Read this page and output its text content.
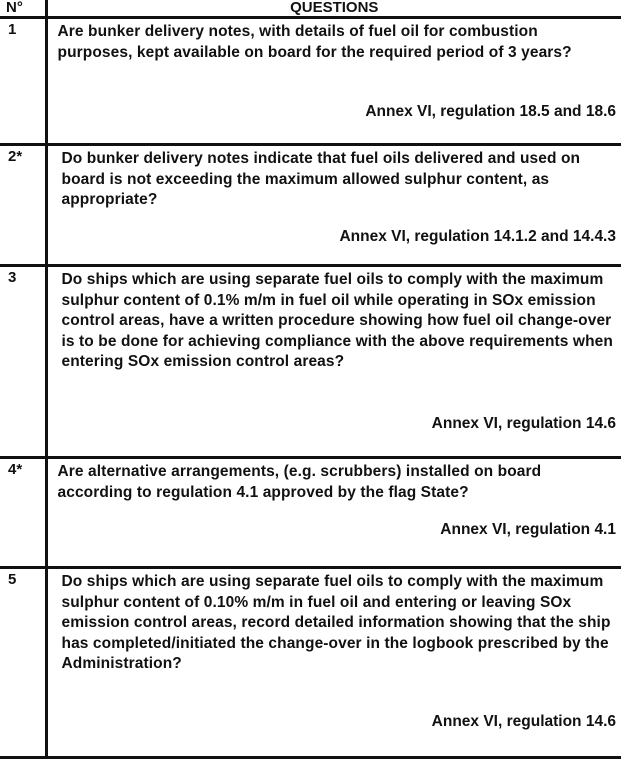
N°	QUESTIONS
1	Are bunker delivery notes, with details of fuel oil for combustion purposes, kept available on board for the required period of 3 years?
Annex VI, regulation 18.5 and 18.6

2*	Do bunker delivery notes indicate that fuel oils delivered and used on board is not exceeding the maximum allowed sulphur content, as appropriate?
Annex VI, regulation 14.1.2 and 14.4.3

3	Do ships which are using separate fuel oils to comply with the maximum sulphur content of 0.1% m/m in fuel oil while operating in SOx emission control areas, have a written procedure showing how fuel oil change-over is to be done for achieving compliance with the above requirements when entering SOx emission control areas?
Annex VI, regulation 14.6

4*	Are alternative arrangements, (e.g. scrubbers) installed on board according to regulation 4.1 approved by the flag State?
Annex VI, regulation 4.1

5	Do ships which are using separate fuel oils to comply with the maximum sulphur content of 0.10% m/m in fuel oil and entering or leaving SOx emission control areas, record detailed information showing that the ship has completed/initiated the change-over in the logbook prescribed by the Administration?
Annex VI, regulation 14.6
